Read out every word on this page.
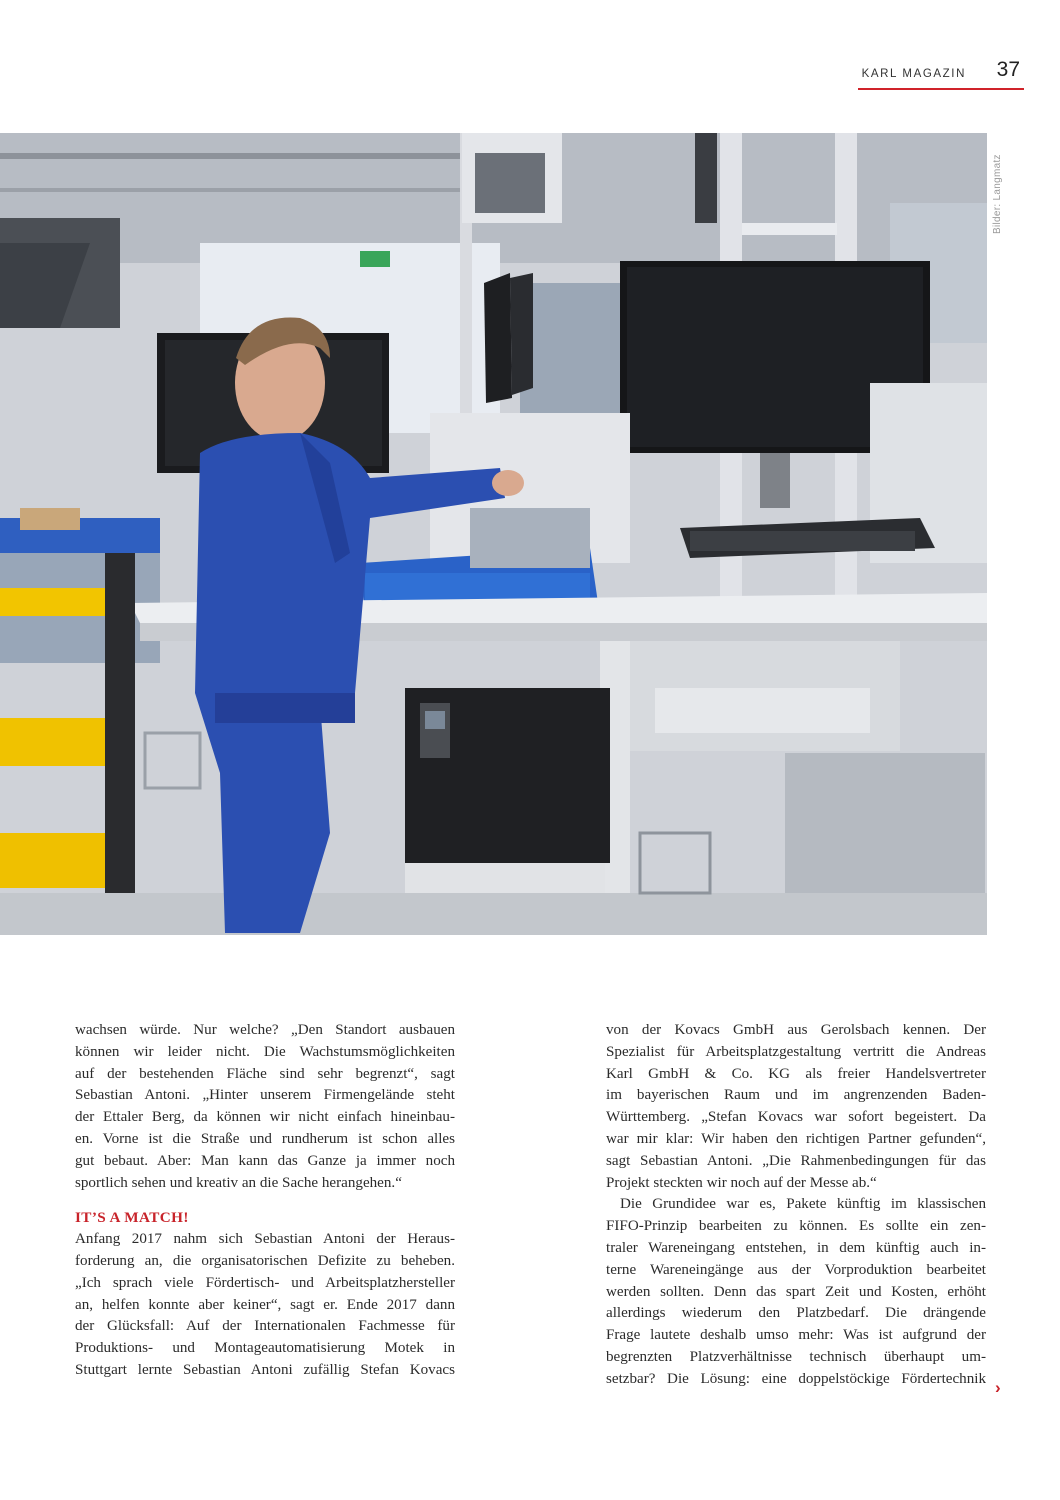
KARL MAGAZIN 37
Bilder: Langmatz
wachsen würde. Nur welche? „Den Standort ausbauen
können wir leider nicht. Die Wachstumsmöglichkeiten
auf der bestehenden Fläche sind sehr begrenzt“, sagt
Sebastian Antoni. „Hinter unserem Firmengelände steht
der Ettaler Berg, da können wir nicht einfach hineinbau-
en. Vorne ist die Straße und rundherum ist schon alles
gut bebaut. Aber: Man kann das Ganze ja immer noch
sportlich sehen und kreativ an die Sache herangehen.“
IT’S A MATCH!
Anfang 2017 nahm sich Sebastian Antoni der Heraus-
forderung an, die organisatorischen Defizite zu beheben.
„Ich sprach viele Fördertisch- und Arbeitsplatzhersteller
an, helfen konnte aber keiner“, sagt er. Ende 2017 dann
der Glücksfall: Auf der Internationalen Fachmesse für
Produktions- und Montageautomatisierung Motek in
Stuttgart lernte Sebastian Antoni zufällig Stefan Kovacs
von der Kovacs GmbH aus Gerolsbach kennen. Der
Spezialist für Arbeitsplatzgestaltung vertritt die Andreas
Karl GmbH & Co. KG als freier Handelsvertreter
im bayerischen Raum und im angrenzenden Baden-
Württemberg. „Stefan Kovacs war sofort begeistert. Da
war mir klar: Wir haben den richtigen Partner gefunden“,
sagt Sebastian Antoni. „Die Rahmenbedingungen für das
Projekt steckten wir noch auf der Messe ab.“
Die Grundidee war es, Pakete künftig im klassischen
FIFO-Prinzip bearbeiten zu können. Es sollte ein zen-
traler Wareneingang entstehen, in dem künftig auch in-
terne Wareneingänge aus der Vorproduktion bearbeitet
werden sollten. Denn das spart Zeit und Kosten, erhöht
allerdings wiederum den Platzbedarf. Die drängende
Frage lautete deshalb umso mehr: Was ist aufgrund der
begrenzten Platzverhältnisse technisch überhaupt um-
setzbar? Die Lösung: eine doppelstöckige Fördertechnik ›
